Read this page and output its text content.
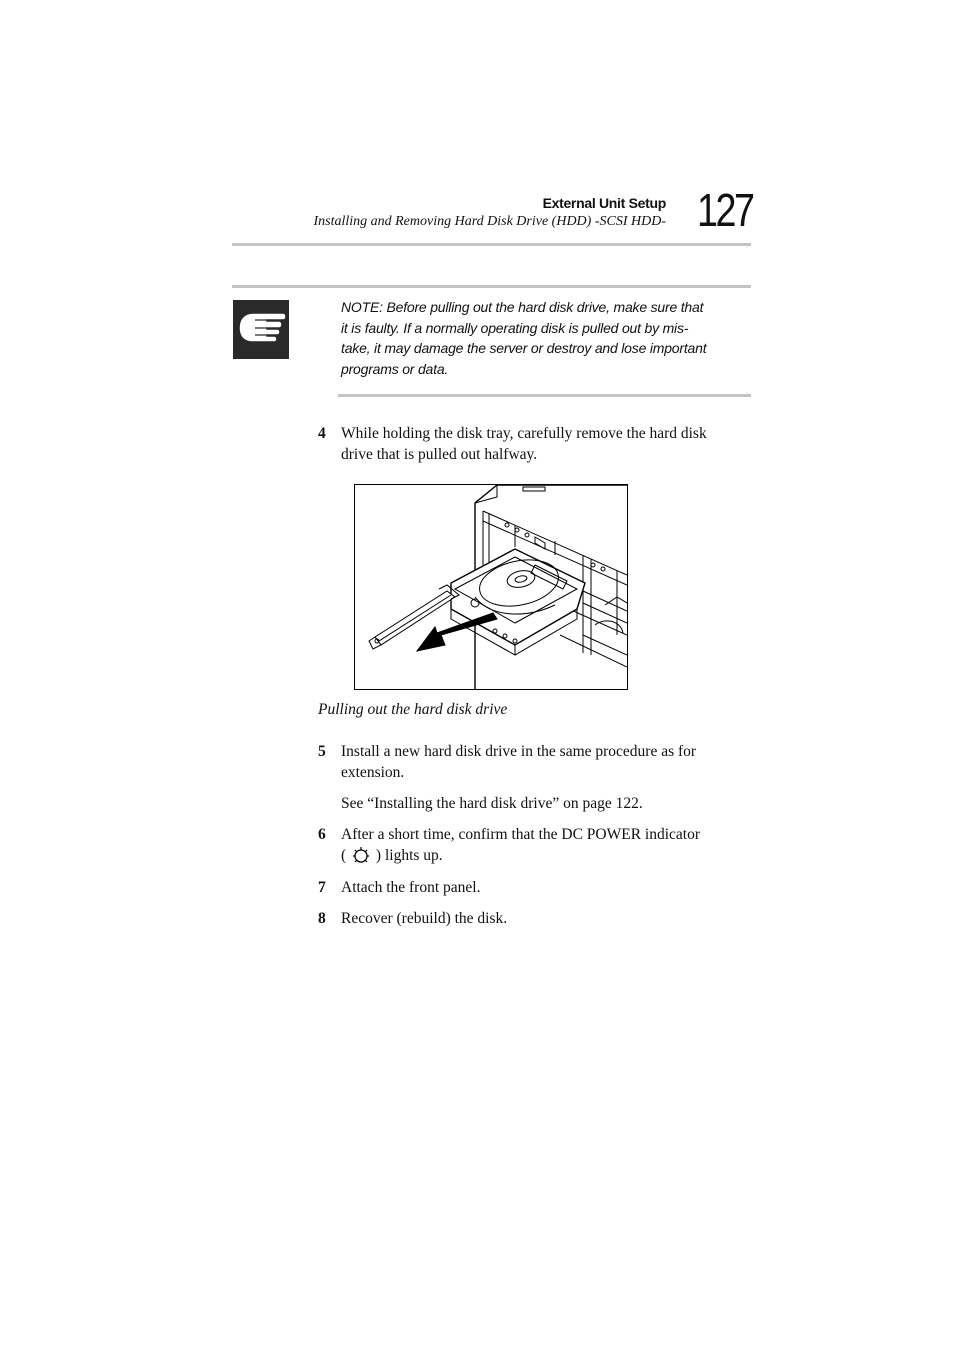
External Unit Setup
Installing and Removing Hard Disk Drive (HDD) -SCSI HDD- 127
NOTE: Before pulling out the hard disk drive, make sure that
it is faulty. If a normally operating disk is pulled out by mis-
take, it may damage the server or destroy and lose important
programs or data.
4 While holding the disk tray, carefully remove the hard disk
drive that is pulled out halfway.
Pulling out the hard disk drive
5 Install a new hard disk drive in the same procedure as for
extension.
See “Installing the hard disk drive” on page 122.
6 After a short time, confirm that the DC POWER indicator
( ) lights up.
7 Attach the front panel.
8 Recover (rebuild) the disk.
